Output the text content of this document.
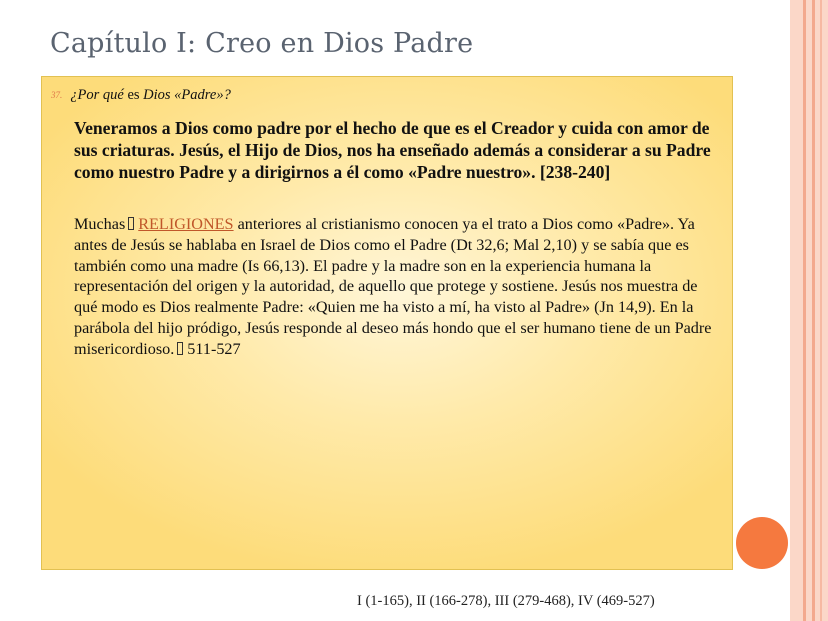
Capítulo I: Creo en Dios Padre
37. ¿Por qué es Dios «Padre»?
Veneramos a Dios como padre por el hecho de que es el Creador y cuida con amor de sus criaturas. Jesús, el Hijo de Dios, nos ha enseñado además a considerar a su Padre como nuestro Padre y a dirigirnos a él como «Padre nuestro». [238-240]
Muchas RELIGIONES anteriores al cristianismo conocen ya el trato a Dios como «Padre». Ya antes de Jesús se hablaba en Israel de Dios como el Padre (Dt 32,6; Mal 2,10) y se sabía que es también como una madre (Is 66,13). El padre y la madre son en la experiencia humana la representación del origen y la autoridad, de aquello que protege y sostiene. Jesús nos muestra de qué modo es Dios realmente Padre: «Quien me ha visto a mí, ha visto al Padre» (Jn 14,9). En la parábola del hijo pródigo, Jesús responde al deseo más hondo que el ser humano tiene de un Padre misericordioso. 511-527
I (1-165), II (166-278), III (279-468), IV (469-527)
